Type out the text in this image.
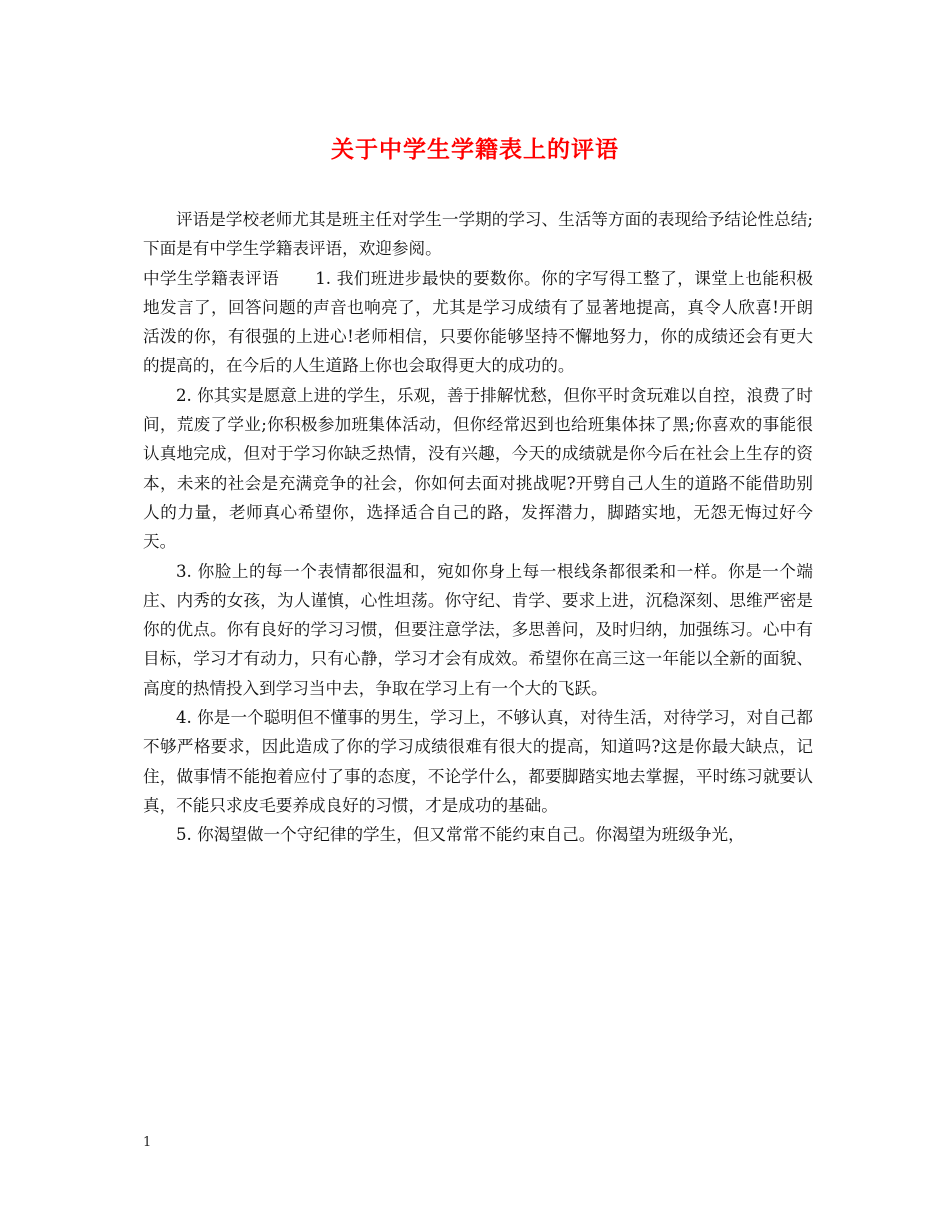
关于中学生学籍表上的评语

评语是学校老师尤其是班主任对学生一学期的学习、生活等方面的表现给予结论性总结;下面是有中学生学籍表评语，欢迎参阅。

中学生学籍表评语 1. 我们班进步最快的要数你。你的字写得工整了，课堂上也能积极地发言了，回答问题的声音也响亮了，尤其是学习成绩有了显著地提高，真令人欣喜!开朗活泼的你，有很强的上进心!老师相信，只要你能够坚持不懈地努力，你的成绩还会有更大的提高的，在今后的人生道路上你也会取得更大的成功的。

2. 你其实是愿意上进的学生，乐观，善于排解忧愁，但你平时贪玩难以自控，浪费了时间，荒废了学业;你积极参加班集体活动，但你经常迟到也给班集体抹了黑;你喜欢的事能很认真地完成，但对于学习你缺乏热情，没有兴趣，今天的成绩就是你今后在社会上生存的资本，未来的社会是充满竞争的社会，你如何去面对挑战呢?开劈自己人生的道路不能借助别人的力量，老师真心希望你，选择适合自己的路，发挥潜力，脚踏实地，无怨无悔过好今天。

3. 你脸上的每一个表情都很温和，宛如你身上每一根线条都很柔和一样。你是一个端庄、内秀的女孩，为人谨慎，心性坦荡。你守纪、肯学、要求上进，沉稳深刻、思维严密是你的优点。你有良好的学习习惯，但要注意学法，多思善问，及时归纳，加强练习。心中有目标，学习才有动力，只有心静，学习才会有成效。希望你在高三这一年能以全新的面貌、高度的热情投入到学习当中去，争取在学习上有一个大的飞跃。

4. 你是一个聪明但不懂事的男生，学习上，不够认真，对待生活，对待学习，对自己都不够严格要求，因此造成了你的学习成绩很难有很大的提高，知道吗?这是你最大缺点，记住，做事情不能抱着应付了事的态度，不论学什么，都要脚踏实地去掌握，平时练习就要认真，不能只求皮毛要养成良好的习惯，才是成功的基础。

5. 你渴望做一个守纪律的学生，但又常常不能约束自己。你渴望为班级争光，

1
